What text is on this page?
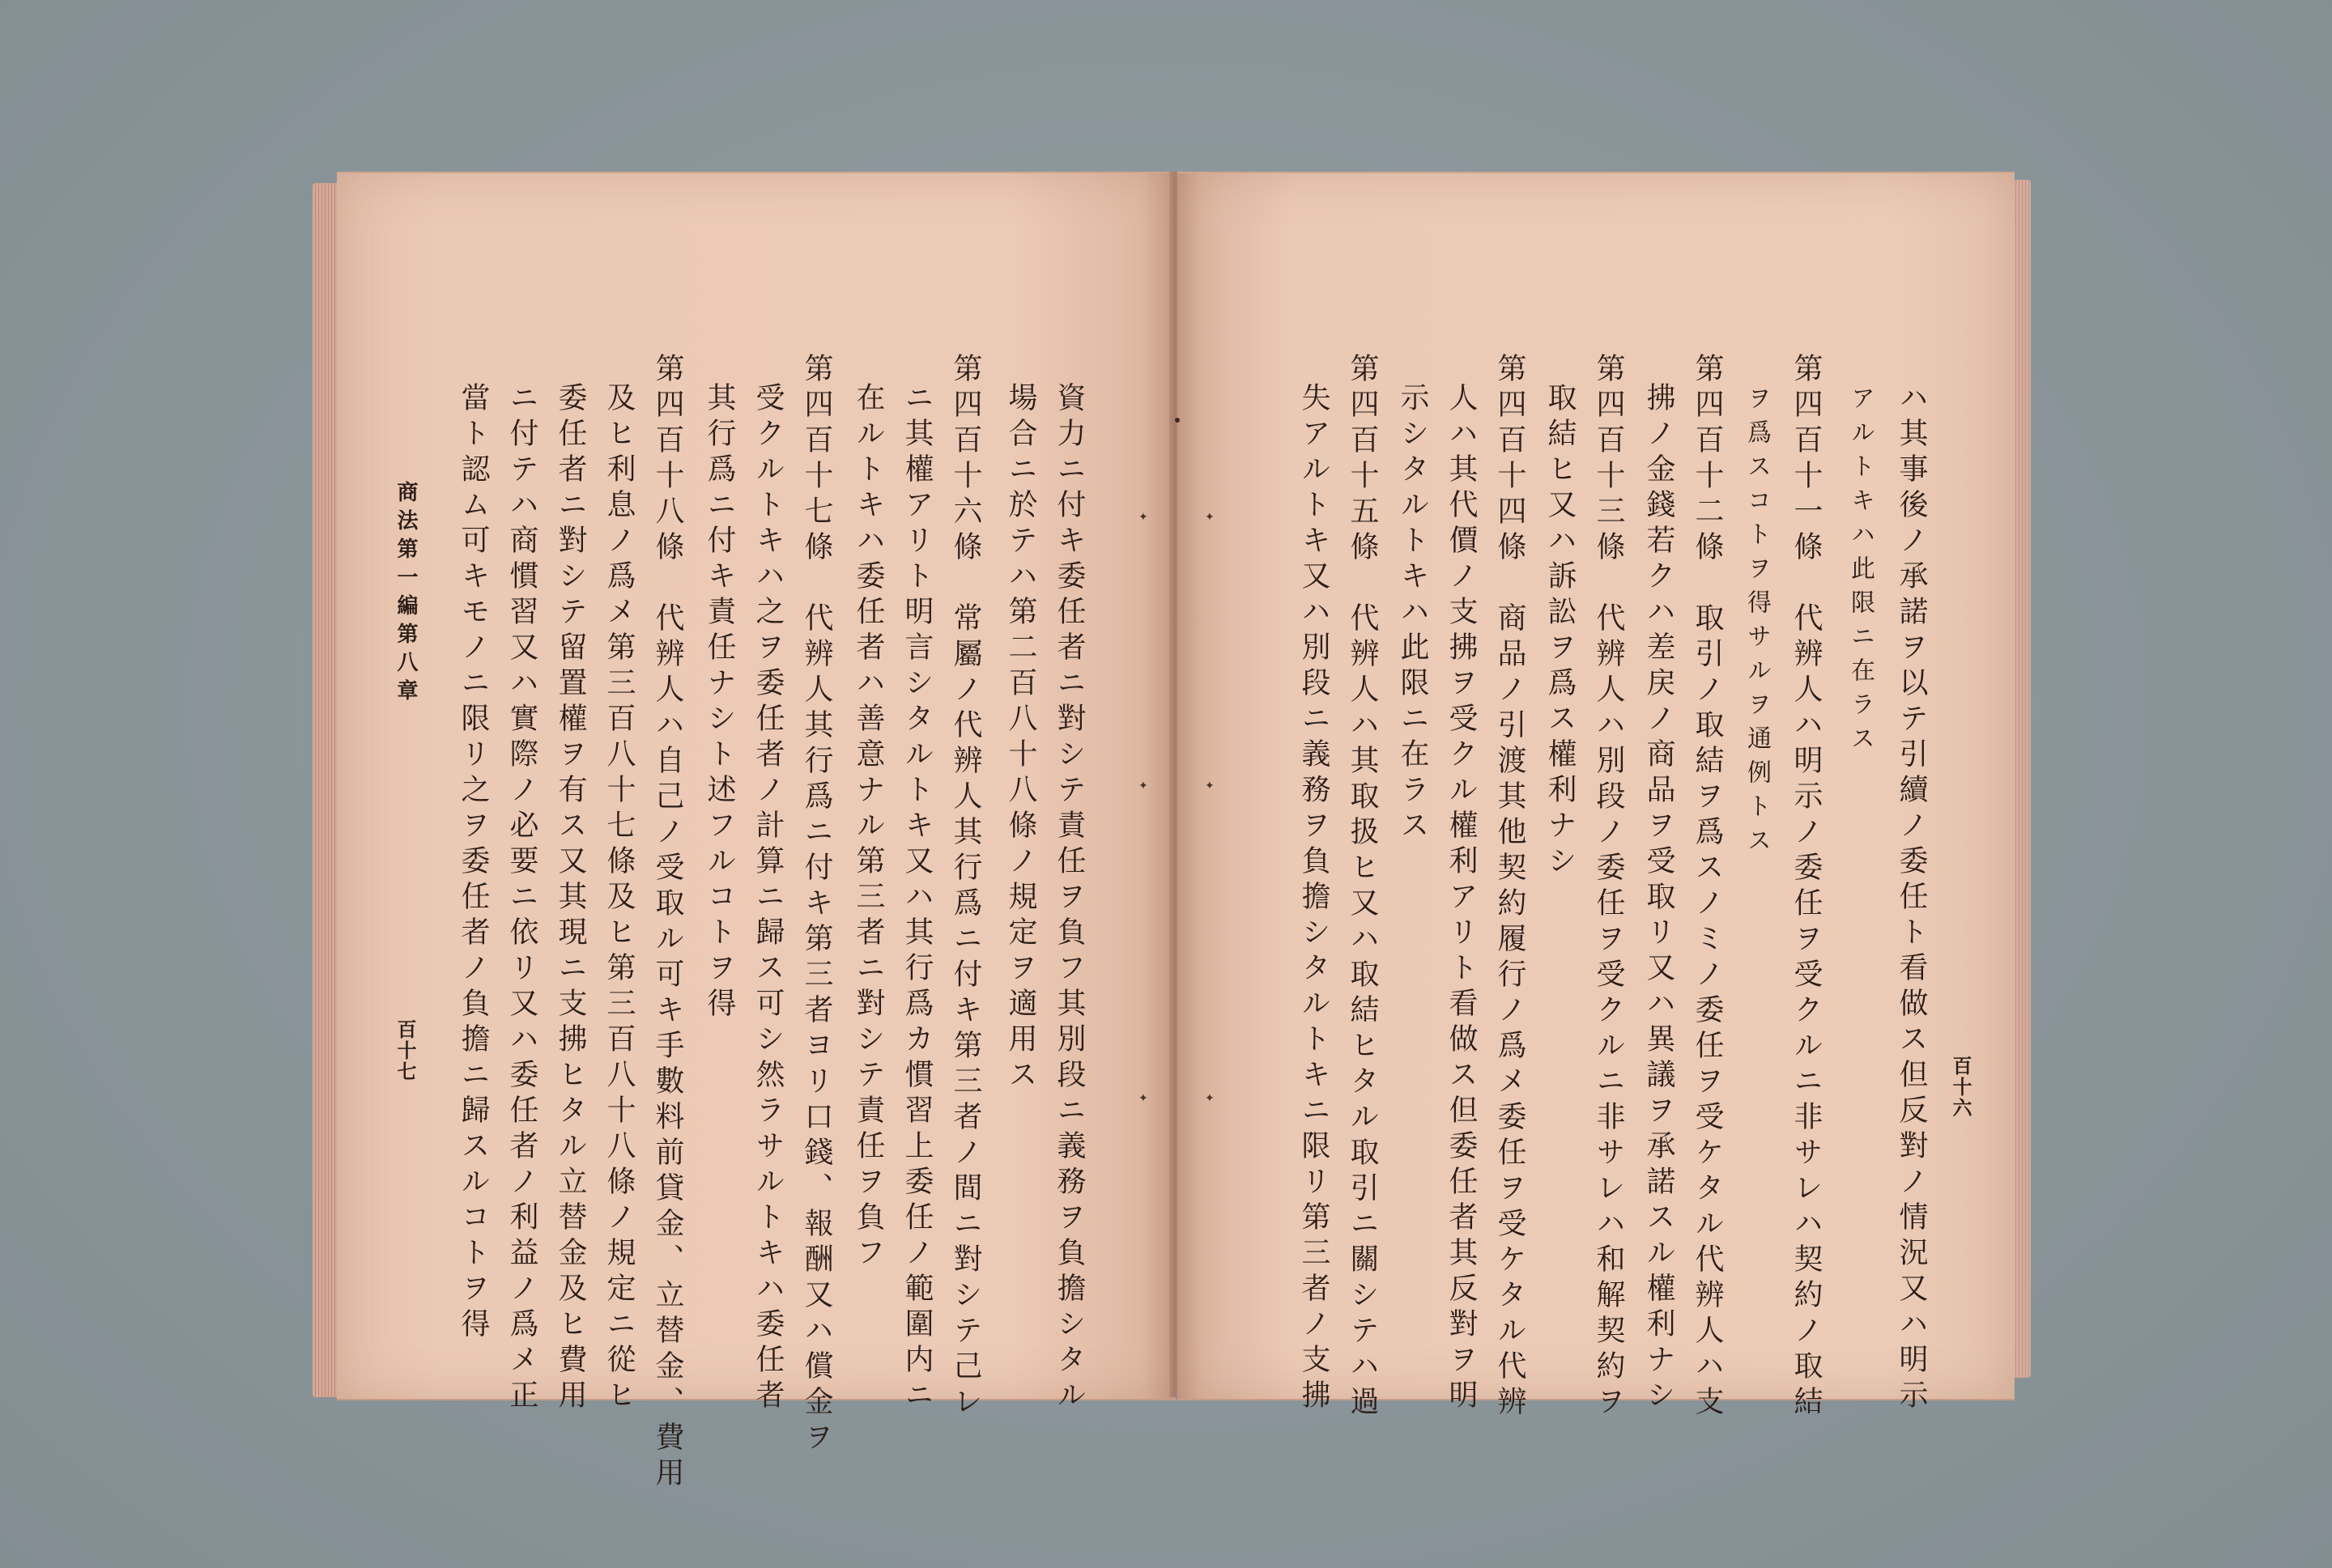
百十七
商法第一編第八章	資力ニ付キ委任者ニ對シテ責任ヲ負フ其別段ニ義務ヲ負擔シタル
場合ニ於テハ第二百八十八條ノ規定ヲ適用ス
第四百十六條　常屬ノ代辨人其行爲ニ付キ第三者ノ間ニ對シテ己レ
ニ其權アリト明言シタルトキ又ハ其行爲カ慣習上委任ノ範圍内ニ
在ルトキハ委任者ハ善意ナル第三者ニ對シテ責任ヲ負フ
第四百十七條　代辨人其行爲ニ付キ第三者ヨリ口錢、報酬又ハ償金ヲ
受クルトキハ之ヲ委任者ノ計算ニ歸ス可シ然ラサルトキハ委任者
其行爲ニ付キ責任ナシト述フルコトヲ得
第四百十八條　代辨人ハ自己ノ受取ル可キ手數料前貸金、立替金、費用
及ヒ利息ノ爲メ第三百八十七條及ヒ第三百八十八條ノ規定ニ從ヒ
委任者ニ對シテ留置權ヲ有ス又其現ニ支拂ヒタル立替金及ヒ費用
ニ付テハ商慣習又ハ實際ノ必要ニ依リ又ハ委任者ノ利益ノ爲メ正
當ト認ム可キモノニ限リ之ヲ委任者ノ負擔ニ歸スルコトヲ得	百十六
ハ其事後ノ承諾ヲ以テ引續ノ委任ト看做ス但反對ノ情況又ハ明示
アルトキハ此限ニ在ラス
第四百十一條　代辨人ハ明示ノ委任ヲ受クルニ非サレハ契約ノ取結
ヲ爲スコトヲ得サルヲ通例トス
第四百十二條　取引ノ取結ヲ爲スノミノ委任ヲ受ケタル代辨人ハ支
拂ノ金錢若クハ差戻ノ商品ヲ受取リ又ハ異議ヲ承諾スル權利ナシ
第四百十三條　代辨人ハ別段ノ委任ヲ受クルニ非サレハ和解契約ヲ
取結ヒ又ハ訴訟ヲ爲ス權利ナシ
第四百十四條　商品ノ引渡其他契約履行ノ爲メ委任ヲ受ケタル代辨
人ハ其代價ノ支拂ヲ受クル權利アリト看做ス但委任者其反對ヲ明
示シタルトキハ此限ニ在ラス
第四百十五條　代辨人ハ其取扱ヒ又ハ取結ヒタル取引ニ關シテハ過
失アルトキ又ハ別段ニ義務ヲ負擔シタルトキニ限リ第三者ノ支拂
✦	✦
✦	✦
✦	✦
